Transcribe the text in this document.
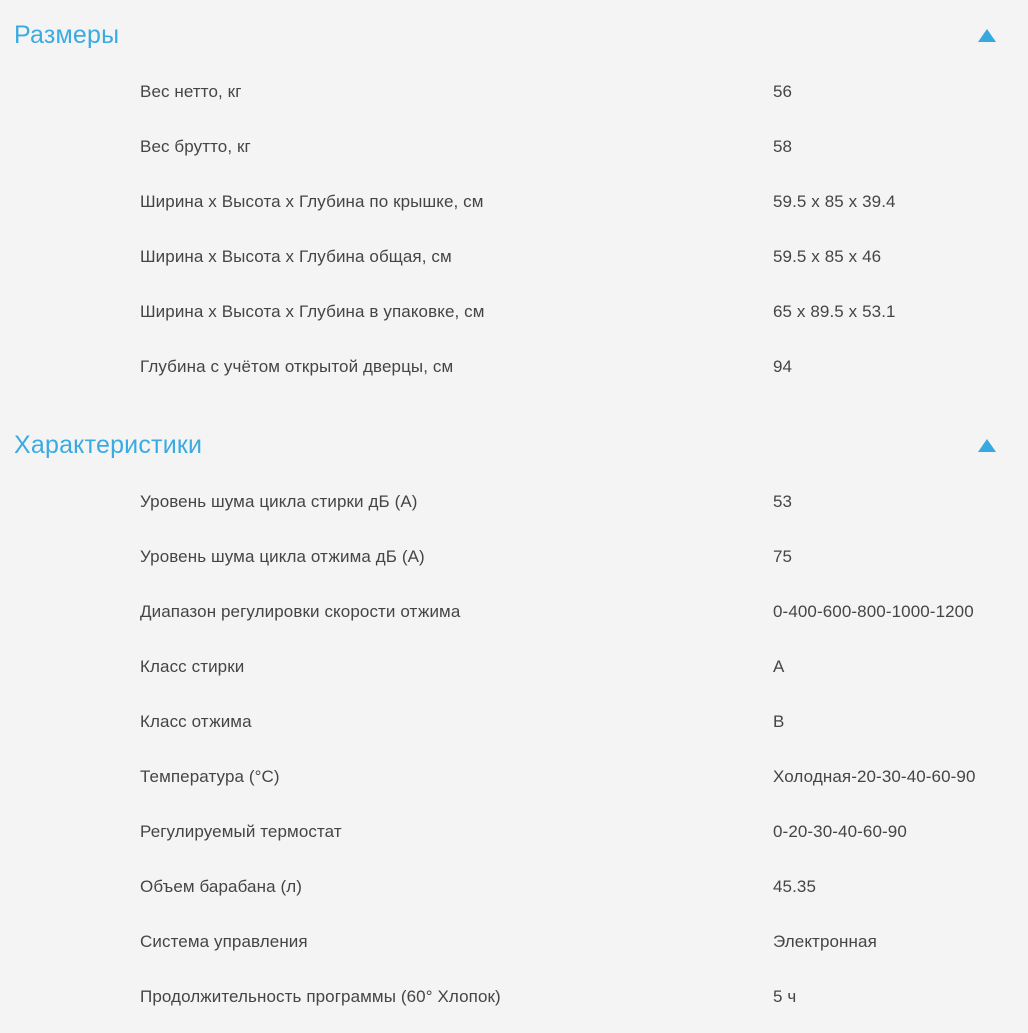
Размеры
Вес нетто, кг	56
Вес брутто, кг	58
Ширина х Высота х Глубина по крышке, см	59.5 x 85 x 39.4
Ширина х Высота х Глубина общая, см	59.5 x 85 x 46
Ширина х Высота х Глубина в упаковке, см	65 x 89.5 x 53.1
Глубина с учётом открытой дверцы, см	94
Характеристики
Уровень шума цикла стирки дБ (А)	53
Уровень шума цикла отжима дБ (А)	75
Диапазон регулировки скорости отжима	0-400-600-800-1000-1200
Класс стирки	A
Класс отжима	B
Температура (°С)	Холодная-20-30-40-60-90
Регулируемый термостат	0-20-30-40-60-90
Объем барабана (л)	45.35
Система управления	Электронная
Продолжительность программы (60° Хлопок)	5 ч
